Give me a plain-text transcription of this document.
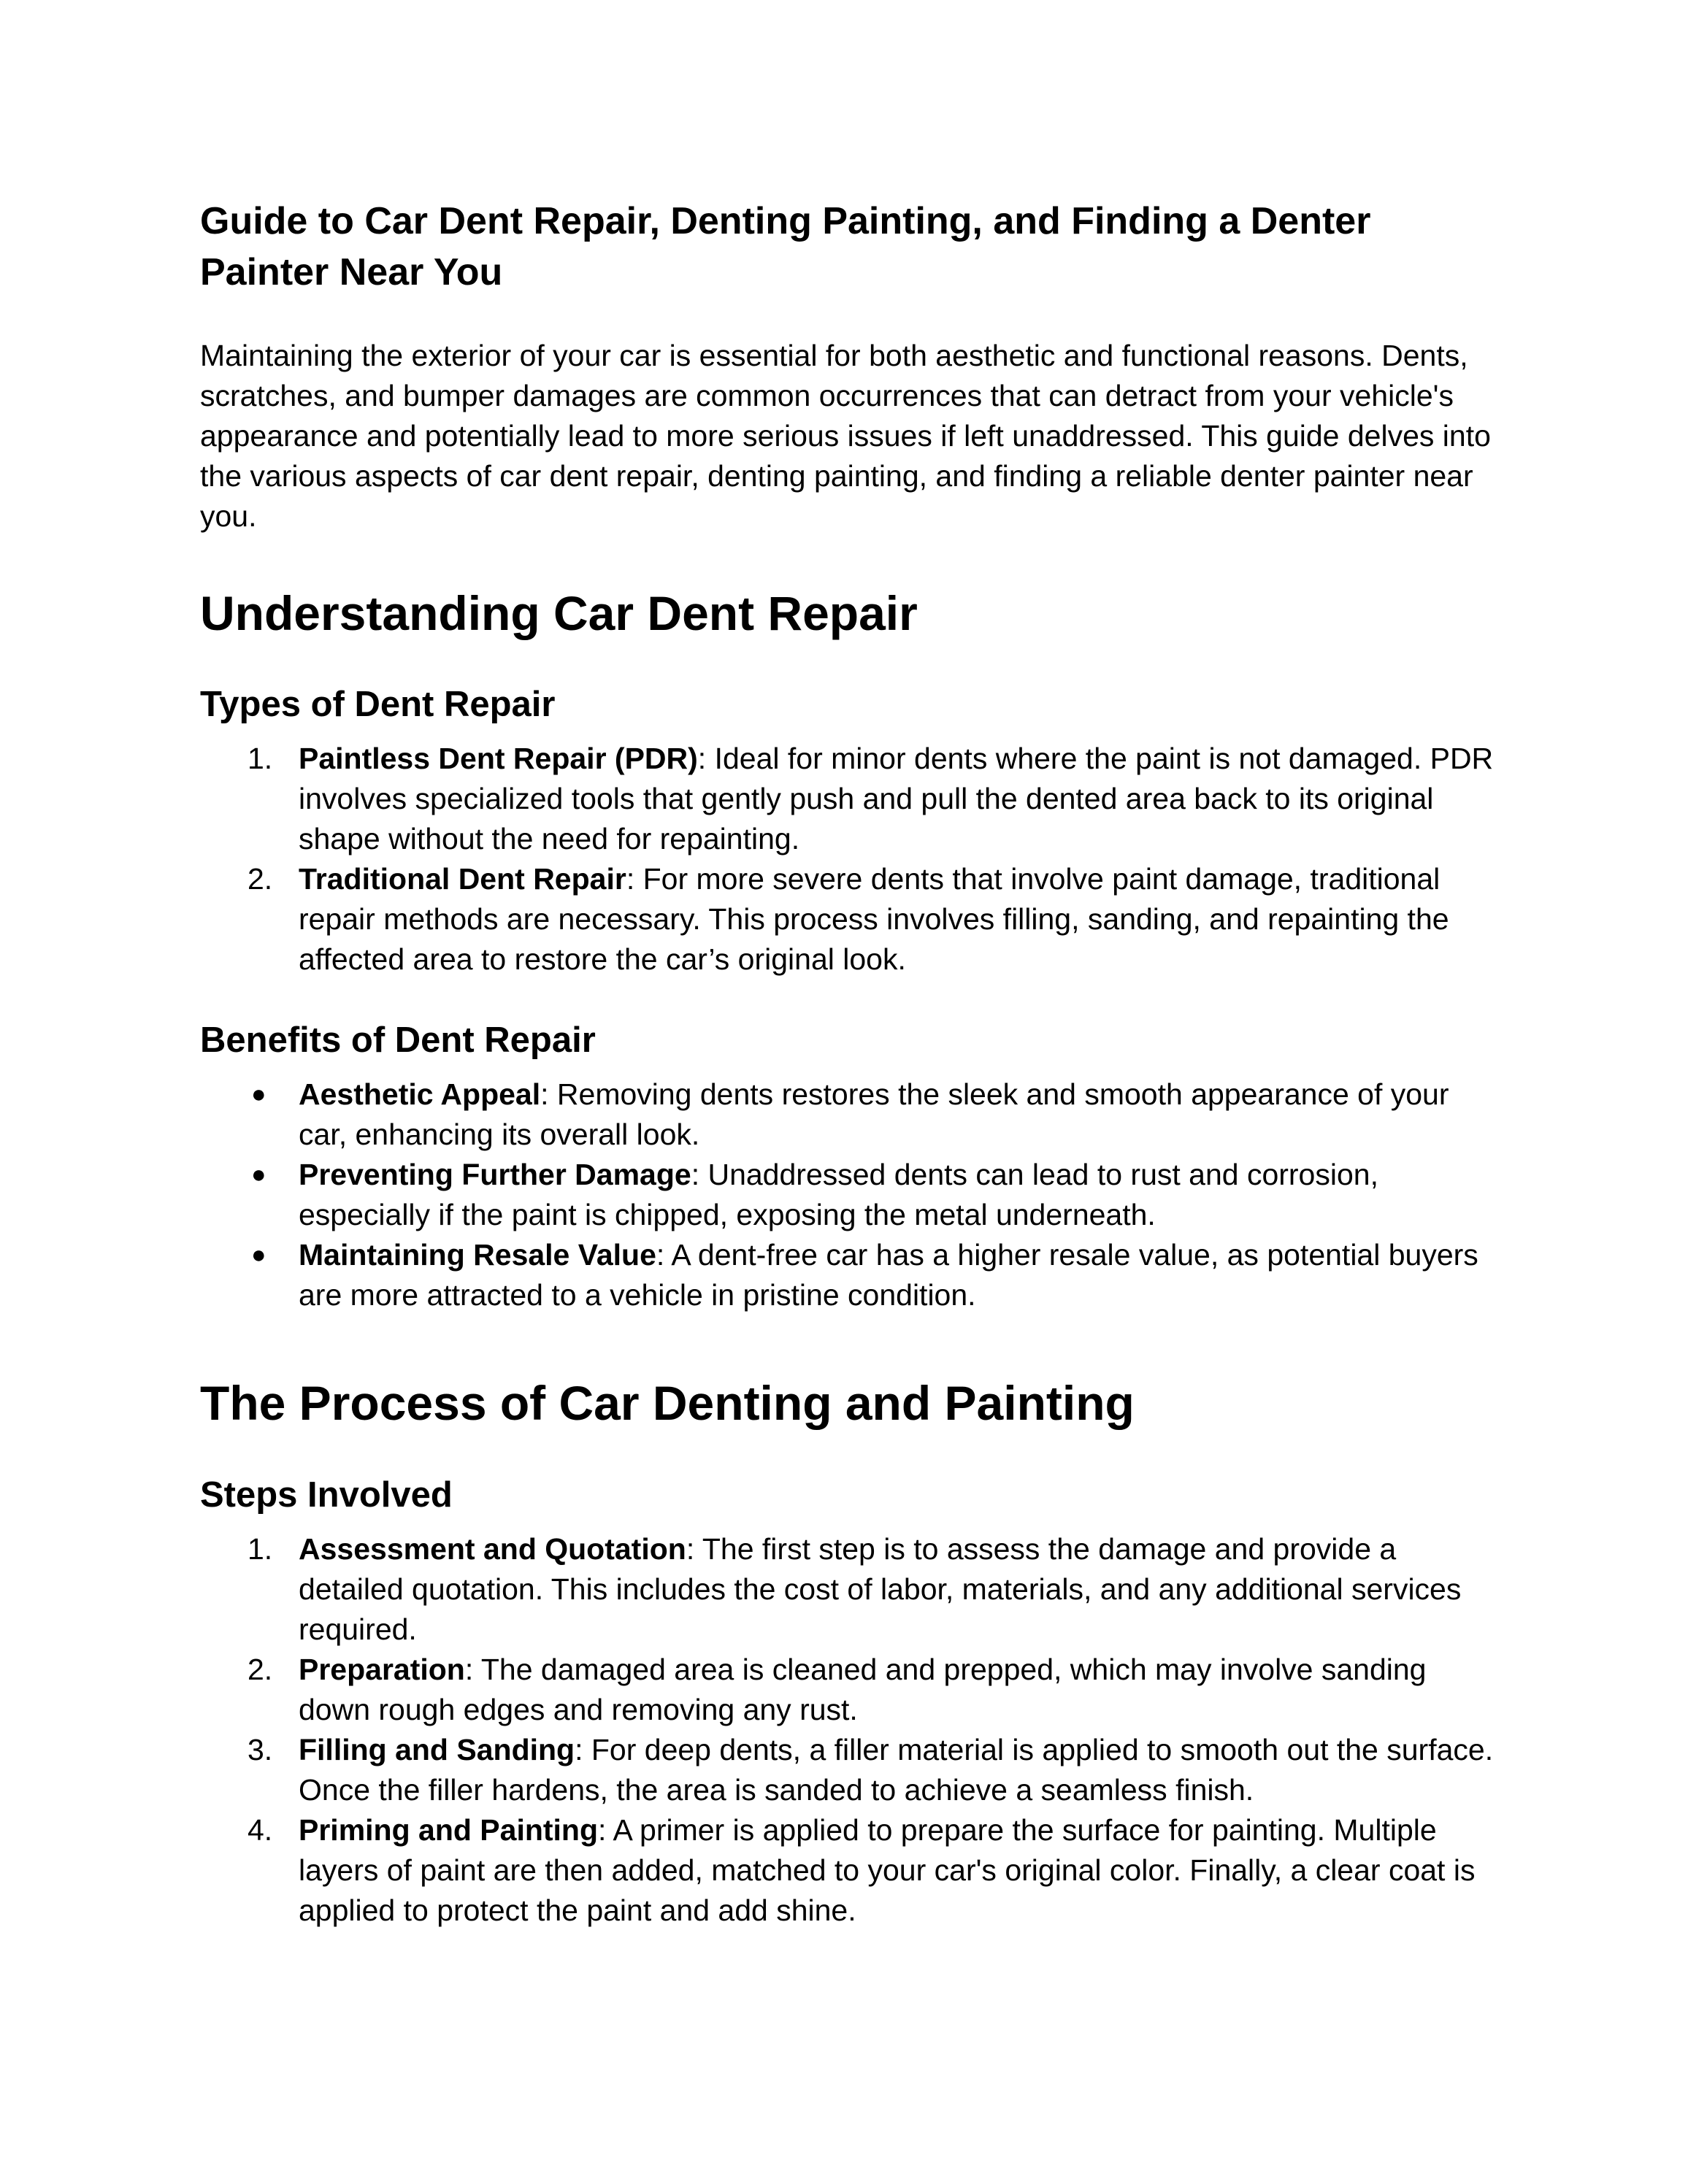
Guide to Car Dent Repair, Denting Painting, and Finding a Denter Painter Near You

Maintaining the exterior of your car is essential for both aesthetic and functional reasons. Dents, scratches, and bumper damages are common occurrences that can detract from your vehicle's appearance and potentially lead to more serious issues if left unaddressed. This guide delves into the various aspects of car dent repair, denting painting, and finding a reliable denter painter near you.

Understanding Car Dent Repair
Types of Dent Repair
1. Paintless Dent Repair (PDR): Ideal for minor dents where the paint is not damaged. PDR involves specialized tools that gently push and pull the dented area back to its original shape without the need for repainting.
2. Traditional Dent Repair: For more severe dents that involve paint damage, traditional repair methods are necessary. This process involves filling, sanding, and repainting the affected area to restore the car’s original look.
Benefits of Dent Repair
● Aesthetic Appeal: Removing dents restores the sleek and smooth appearance of your car, enhancing its overall look.
● Preventing Further Damage: Unaddressed dents can lead to rust and corrosion, especially if the paint is chipped, exposing the metal underneath.
● Maintaining Resale Value: A dent-free car has a higher resale value, as potential buyers are more attracted to a vehicle in pristine condition.
The Process of Car Denting and Painting
Steps Involved
1. Assessment and Quotation: The first step is to assess the damage and provide a detailed quotation. This includes the cost of labor, materials, and any additional services required.
2. Preparation: The damaged area is cleaned and prepped, which may involve sanding down rough edges and removing any rust.
3. Filling and Sanding: For deep dents, a filler material is applied to smooth out the surface. Once the filler hardens, the area is sanded to achieve a seamless finish.
4. Priming and Painting: A primer is applied to prepare the surface for painting. Multiple layers of paint are then added, matched to your car's original color. Finally, a clear coat is applied to protect the paint and add shine.
